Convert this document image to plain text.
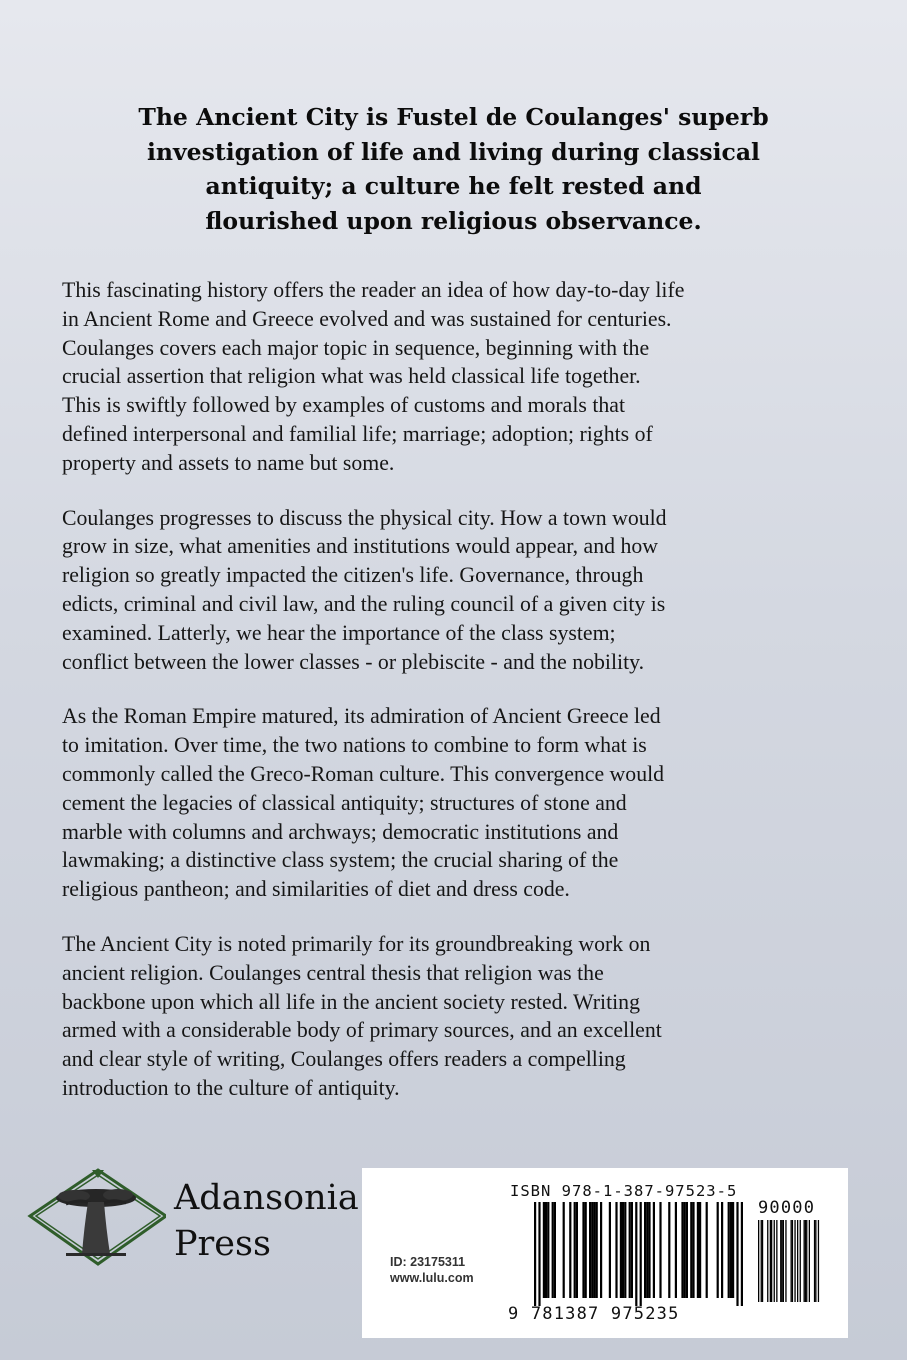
The Ancient City is Fustel de Coulanges' superb
investigation of life and living during classical
antiquity; a culture he felt rested and
flourished upon religious observance.

This fascinating history offers the reader an idea of how day-to-day life
in Ancient Rome and Greece evolved and was sustained for centuries.
Coulanges covers each major topic in sequence, beginning with the
crucial assertion that religion what was held classical life together.
This is swiftly followed by examples of customs and morals that
defined interpersonal and familial life; marriage; adoption; rights of
property and assets to name but some.

Coulanges progresses to discuss the physical city. How a town would
grow in size, what amenities and institutions would appear, and how
religion so greatly impacted the citizen's life. Governance, through
edicts, criminal and civil law, and the ruling council of a given city is
examined. Latterly, we hear the importance of the class system;
conflict between the lower classes - or plebiscite - and the nobility.

As the Roman Empire matured, its admiration of Ancient Greece led
to imitation. Over time, the two nations to combine to form what is
commonly called the Greco-Roman culture. This convergence would
cement the legacies of classical antiquity; structures of stone and
marble with columns and archways; democratic institutions and
lawmaking; a distinctive class system; the crucial sharing of the
religious pantheon; and similarities of diet and dress code.

The Ancient City is noted primarily for its groundbreaking work on
ancient religion. Coulanges central thesis that religion was the
backbone upon which all life in the ancient society rested. Writing
armed with a considerable body of primary sources, and an excellent
and clear style of writing, Coulanges offers readers a compelling
introduction to the culture of antiquity.

Adansonia
Press
ISBN 978-1-387-97523-5
ID: 23175311
www.lulu.com
9 781387 975235
90000
